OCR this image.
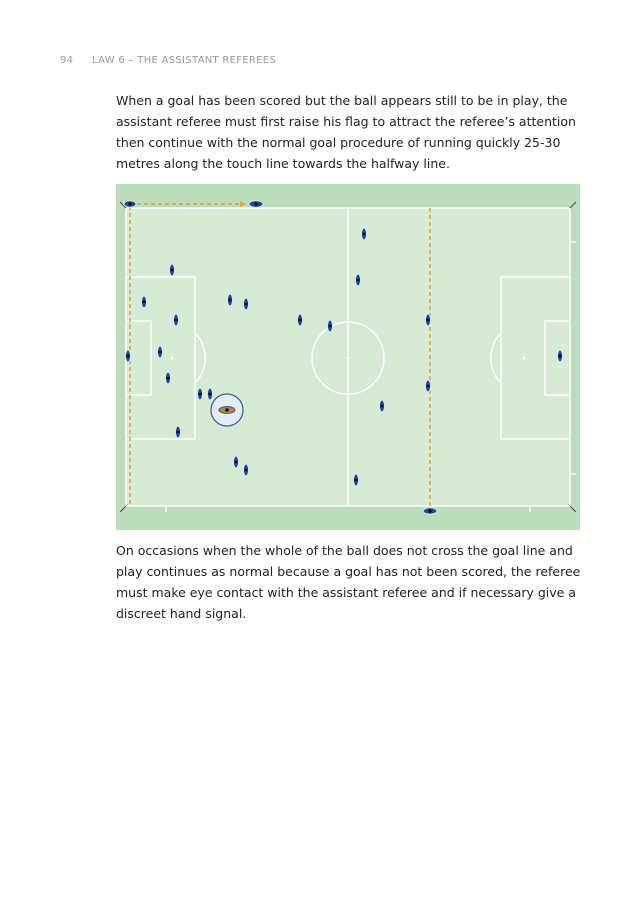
94 LAW 6 – THE ASSISTANT REFEREES

When a goal has been scored but the ball appears still to be in play, the assistant referee must first raise his flag to attract the referee’s attention then continue with the normal goal procedure of running quickly 25-30 metres along the touch line towards the halfway line.

On occasions when the whole of the ball does not cross the goal line and play continues as normal because a goal has not been scored, the referee must make eye contact with the assistant referee and if necessary give a discreet hand signal.
